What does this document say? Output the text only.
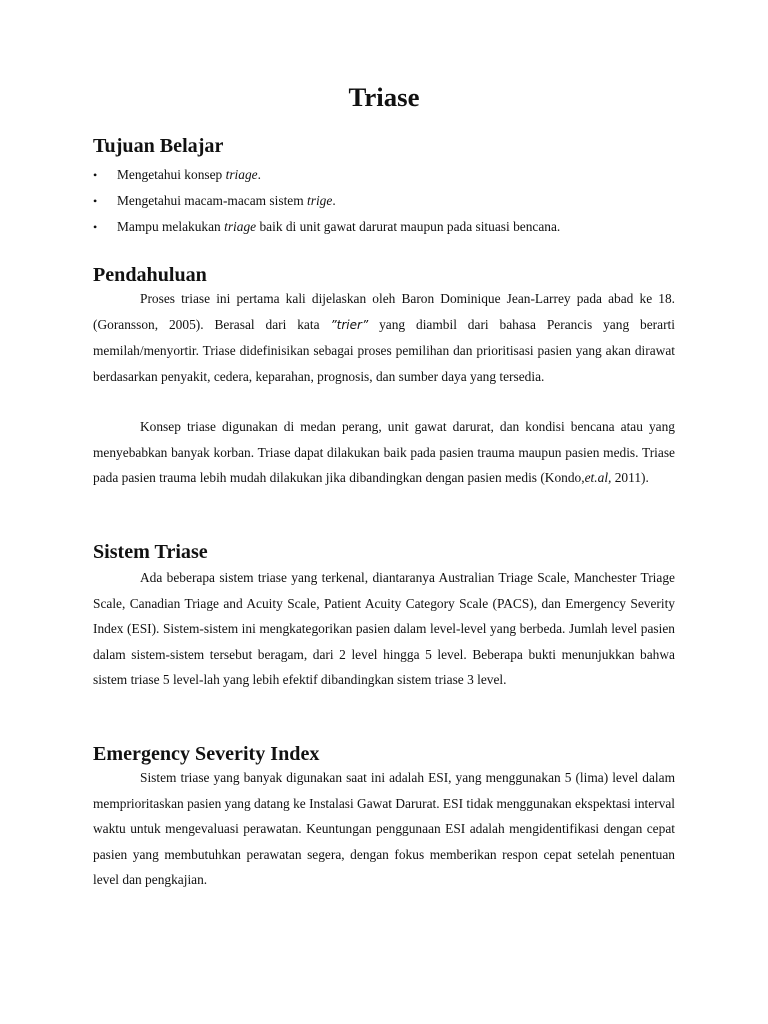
Triase
Tujuan Belajar
•	Mengetahui konsep triage.
•	Mengetahui macam-macam sistem trige.
•	Mampu melakukan triage baik di unit gawat darurat maupun pada situasi bencana.
Pendahuluan

Proses triase ini pertama kali dijelaskan oleh Baron Dominique Jean-Larrey pada abad ke 18. (Goransson, 2005). Berasal dari kata ”trier” yang diambil dari bahasa Perancis yang berarti memilah/menyortir. Triase didefinisikan sebagai proses pemilihan dan prioritisasi pasien yang akan dirawat berdasarkan penyakit, cedera, keparahan, prognosis, dan sumber daya yang tersedia.

Konsep triase digunakan di medan perang, unit gawat darurat, dan kondisi bencana atau yang menyebabkan banyak korban. Triase dapat dilakukan baik pada pasien trauma maupun pasien medis. Triase pada pasien trauma lebih mudah dilakukan jika dibandingkan dengan pasien medis (Kondo,et.al, 2011).

Sistem Triase

Ada beberapa sistem triase yang terkenal, diantaranya Australian Triage Scale, Manchester Triage Scale, Canadian Triage and Acuity Scale, Patient Acuity Category Scale (PACS), dan Emergency Severity Index (ESI). Sistem-sistem ini mengkategorikan pasien dalam level-level yang berbeda. Jumlah level pasien dalam sistem-sistem tersebut beragam, dari 2 level hingga 5 level. Beberapa bukti menunjukkan bahwa sistem triase 5 level-lah yang lebih efektif dibandingkan sistem triase 3 level.

Emergency Severity Index

Sistem triase yang banyak digunakan saat ini adalah ESI, yang menggunakan 5 (lima) level dalam memprioritaskan pasien yang datang ke Instalasi Gawat Darurat. ESI tidak menggunakan ekspektasi interval waktu untuk mengevaluasi perawatan. Keuntungan penggunaan ESI adalah mengidentifikasi dengan cepat pasien yang membutuhkan perawatan segera, dengan fokus memberikan respon cepat setelah penentuan level dan pengkajian.
